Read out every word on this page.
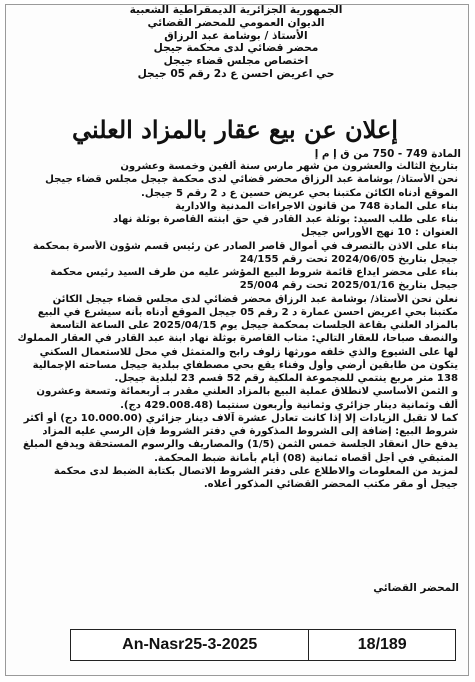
الجمهورية الجزائرية الديمقراطية الشعبية
الديوان العمومي للمحضر القضائي
الأستاذ / بوشامة عبد الرزاق
محضر قضائي لدى محكمة جيجل
اختصاص مجلس قضاء جيجل
حي اعريض احسن ع د2 رقم 05 جيجل
إعلان عن بيع عقار بالمزاد العلني
المادة 749 - 750 من ق إ م إ
بتاريخ الثالث والعشرون من شهر مارس سنة ألفين وخمسة وعشرون
نحن الأستاذ/ بوشامة عبد الرزاق محضر قضائي لدى محكمة جيجل مجلس قضاء جيجل
الموقع أدناه الكائن مكتبنا بحي عريض حسين ع د 2 رقم 5 جيجل.
بناء على المادة 748 من قانون الاجراءات المدنية والادارية
بناء على طلب السيد: بوثلة عبد القادر في حق ابنته القاصرة بوثلة نهاد
العنوان : 10 نهج الأوراس جيجل
بناء على الاذن بالتصرف في أموال قاصر الصادر عن رئيس قسم شؤون الأسرة بمحكمة
جيجل بتاريخ 2024/06/05 تحت رقم 24/155
بناء على محضر ايداع قائمة شروط البيع المؤشر عليه من طرف السيد رئيس محكمة
جيجل بتاريخ 2025/01/16 تحت رقم 25/004
نعلن نحن الأستاذ/ بوشامة عبد الرزاق محضر قضائي لدى مجلس قضاء جيجل الكائن
مكتبنا بحي اعريض احسن عمارة د 2 رقم 05 جيجل الموقع أدناه بأنه سيشرع في البيع
بالمزاد العلني بقاعة الجلسات بمحكمة جيجل يوم 2025/04/15 على الساعة التاسعة
والنصف صباحا، للعقار التالي: متاب القاصرة بوثلة نهاد ابنة عبد القادر في العقار المملوك
لها على الشيوع والذي خلفه مورثها زلوف رابح والمتمثل في محل للاستعمال السكني
يتكون من طابقين أرضي وأول وفناء يقع بحي مصطفاي ببلدية جيجل مساحته الإجمالية
138 متر مربع ينتمي للمجموعة الملكية رقم 52 قسم 23 لبلدية جيجل.
و الثمن الأساسي لانطلاق عملية البيع بالمزاد العلني مقدر بـ أربعمائة وتسعة وعشرون
ألف وثمانية دينار جزائري وثمانية وأربعون سنتيما (429.008.48 دج).
كما لا تقبل الزيادات إلا إذا كانت تعادل عشرة آلاف دينار جزائري (10.000.00 دج) أو أكثر
شروط البيع: إضافة إلى الشروط المذكورة في دفتر الشروط فإن الرسي عليه المزاد
يدفع حال انعقاد الجلسة خمس الثمن (1/5) والمصاريف والرسوم المستحقة ويدفع المبلغ
المتبقي في أجل أقصاه ثمانية (08) أيام بأمانة ضبط المحكمة.
لمزيد من المعلومات والاطلاع على دفتر الشروط الاتصال بكتابة الضبط لدى محكمة
جيجل أو مقر مكتب المحضر القضائي المذكور أعلاه.
المحضر القضائي
An-Nasr25-3-2025	18/189
